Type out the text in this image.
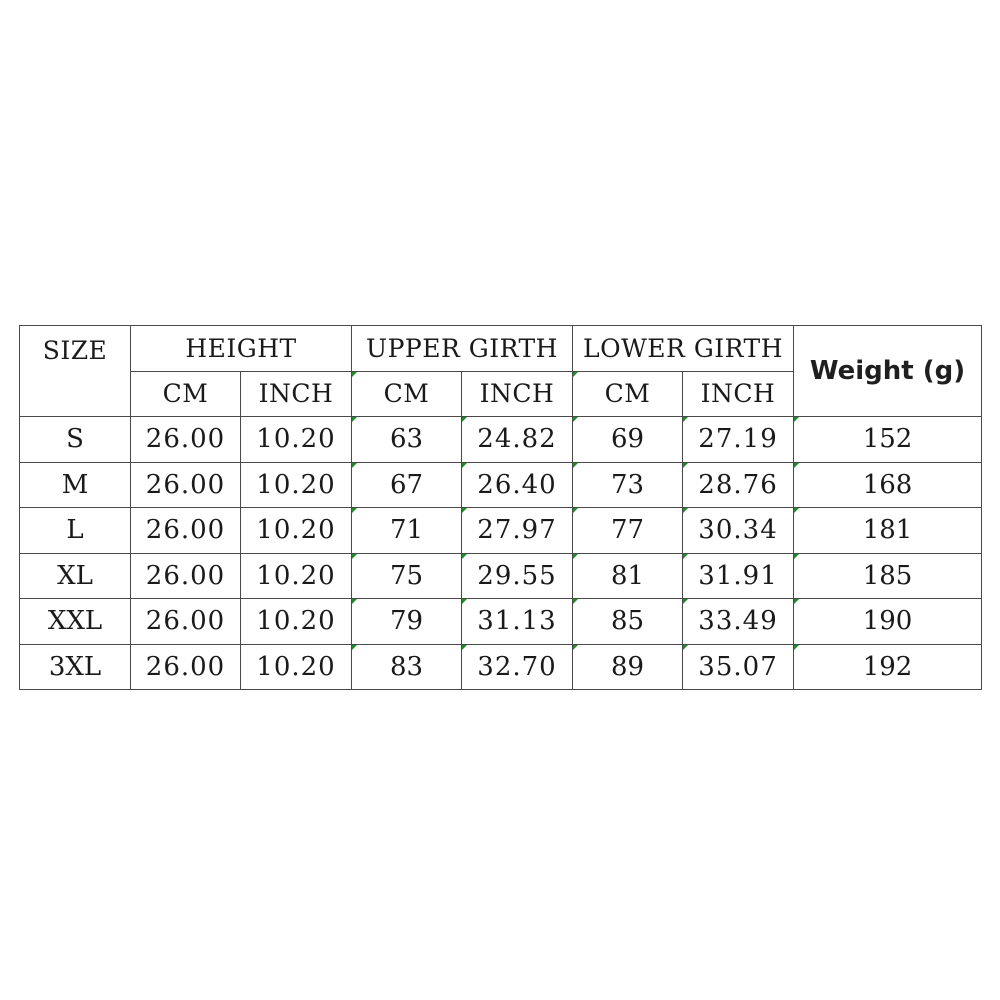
SIZE	HEIGHT		UPPER GIRTH		LOWER GIRTH		Weight (g)
	CM	INCH	CM	INCH	CM	INCH	
S	26.00	10.20	63	24.82	69	27.19	152
M	26.00	10.20	67	26.40	73	28.76	168
L	26.00	10.20	71	27.97	77	30.34	181
XL	26.00	10.20	75	29.55	81	31.91	185
XXL	26.00	10.20	79	31.13	85	33.49	190
3XL	26.00	10.20	83	32.70	89	35.07	192
